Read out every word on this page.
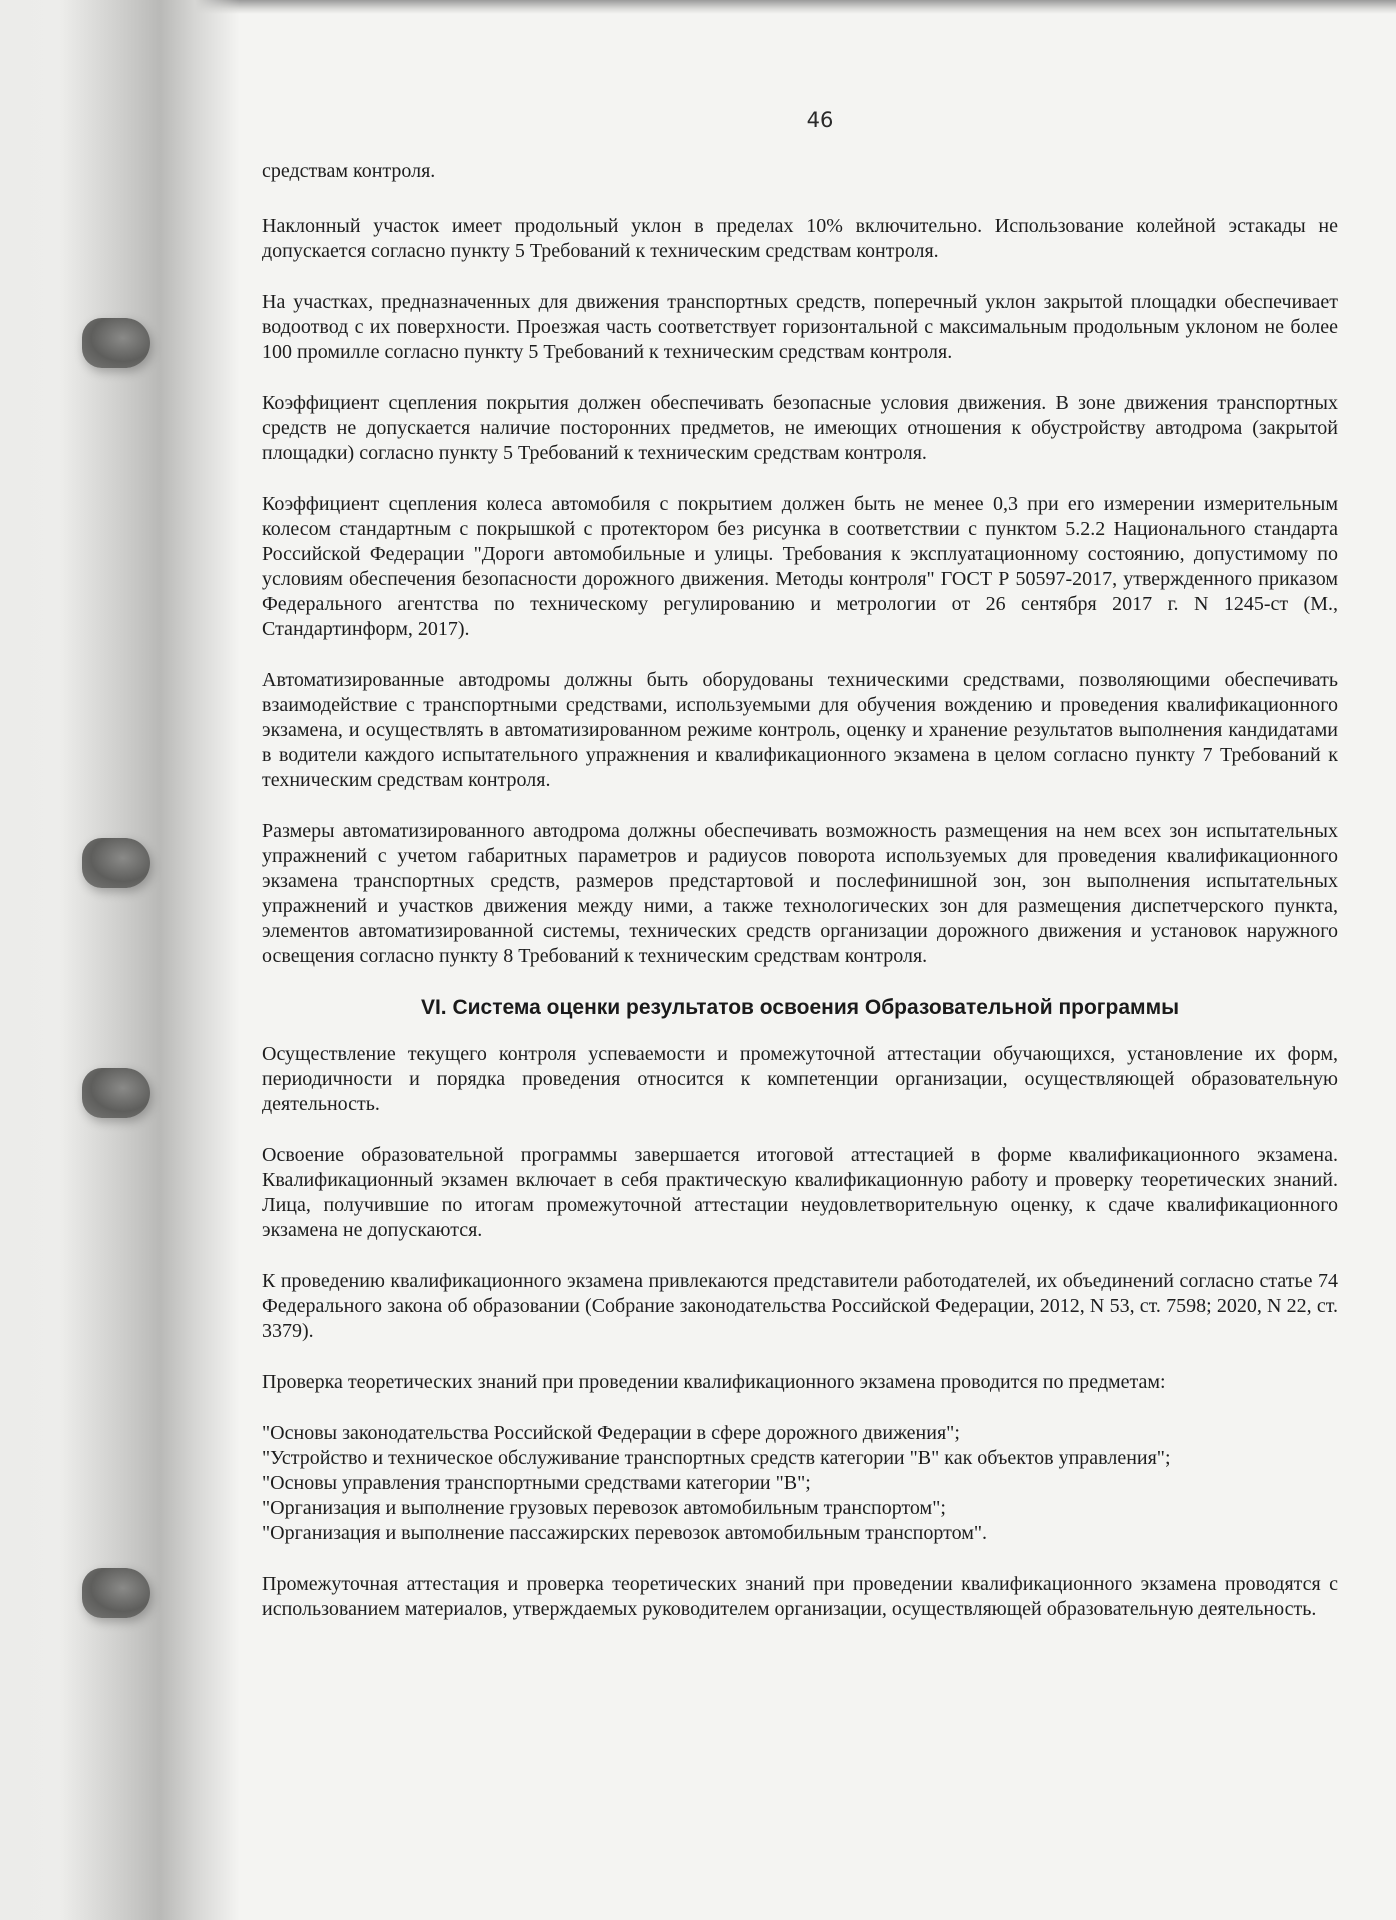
46

средствам контроля.

Наклонный участок имеет продольный уклон в пределах 10% включительно. Использование колейной эстакады не допускается согласно пункту 5 Требований к техническим средствам контроля.

На участках, предназначенных для движения транспортных средств, поперечный уклон закрытой площадки обеспечивает водоотвод с их поверхности. Проезжая часть соответствует горизонтальной с максимальным продольным уклоном не более 100 промилле согласно пункту 5 Требований к техническим средствам контроля.

Коэффициент сцепления покрытия должен обеспечивать безопасные условия движения. В зоне движения транспортных средств не допускается наличие посторонних предметов, не имеющих отношения к обустройству автодрома (закрытой площадки) согласно пункту 5 Требований к техническим средствам контроля.

Коэффициент сцепления колеса автомобиля с покрытием должен быть не менее 0,3 при его измерении измерительным колесом стандартным с покрышкой с протектором без рисунка в соответствии с пунктом 5.2.2 Национального стандарта Российской Федерации "Дороги автомобильные и улицы. Требования к эксплуатационному состоянию, допустимому по условиям обеспечения безопасности дорожного движения. Методы контроля" ГОСТ Р 50597-2017, утвержденного приказом Федерального агентства по техническому регулированию и метрологии от 26 сентября 2017 г. N 1245-ст (М., Стандартинформ, 2017).

Автоматизированные автодромы должны быть оборудованы техническими средствами, позволяющими обеспечивать взаимодействие с транспортными средствами, используемыми для обучения вождению и проведения квалификационного экзамена, и осуществлять в автоматизированном режиме контроль, оценку и хранение результатов выполнения кандидатами в водители каждого испытательного упражнения и квалификационного экзамена в целом согласно пункту 7 Требований к техническим средствам контроля.

Размеры автоматизированного автодрома должны обеспечивать возможность размещения на нем всех зон испытательных упражнений с учетом габаритных параметров и радиусов поворота используемых для проведения квалификационного экзамена транспортных средств, размеров предстартовой и послефинишной зон, зон выполнения испытательных упражнений и участков движения между ними, а также технологических зон для размещения диспетчерского пункта, элементов автоматизированной системы, технических средств организации дорожного движения и установок наружного освещения согласно пункту 8 Требований к техническим средствам контроля.

VI. Система оценки результатов освоения Образовательной программы

Осуществление текущего контроля успеваемости и промежуточной аттестации обучающихся, установление их форм, периодичности и порядка проведения относится к компетенции организации, осуществляющей образовательную деятельность.

Освоение образовательной программы завершается итоговой аттестацией в форме квалификационного экзамена. Квалификационный экзамен включает в себя практическую квалификационную работу и проверку теоретических знаний. Лица, получившие по итогам промежуточной аттестации неудовлетворительную оценку, к сдаче квалификационного экзамена не допускаются.

К проведению квалификационного экзамена привлекаются представители работодателей, их объединений согласно статье 74 Федерального закона об образовании (Собрание законодательства Российской Федерации, 2012, N 53, ст. 7598; 2020, N 22, ст. 3379).

Проверка теоретических знаний при проведении квалификационного экзамена проводится по предметам:

"Основы законодательства Российской Федерации в сфере дорожного движения";
"Устройство и техническое обслуживание транспортных средств категории "B" как объектов управления";
"Основы управления транспортными средствами категории "B";
"Организация и выполнение грузовых перевозок автомобильным транспортом";
"Организация и выполнение пассажирских перевозок автомобильным транспортом".

Промежуточная аттестация и проверка теоретических знаний при проведении квалификационного экзамена проводятся с использованием материалов, утверждаемых руководителем организации, осуществляющей образовательную деятельность.
